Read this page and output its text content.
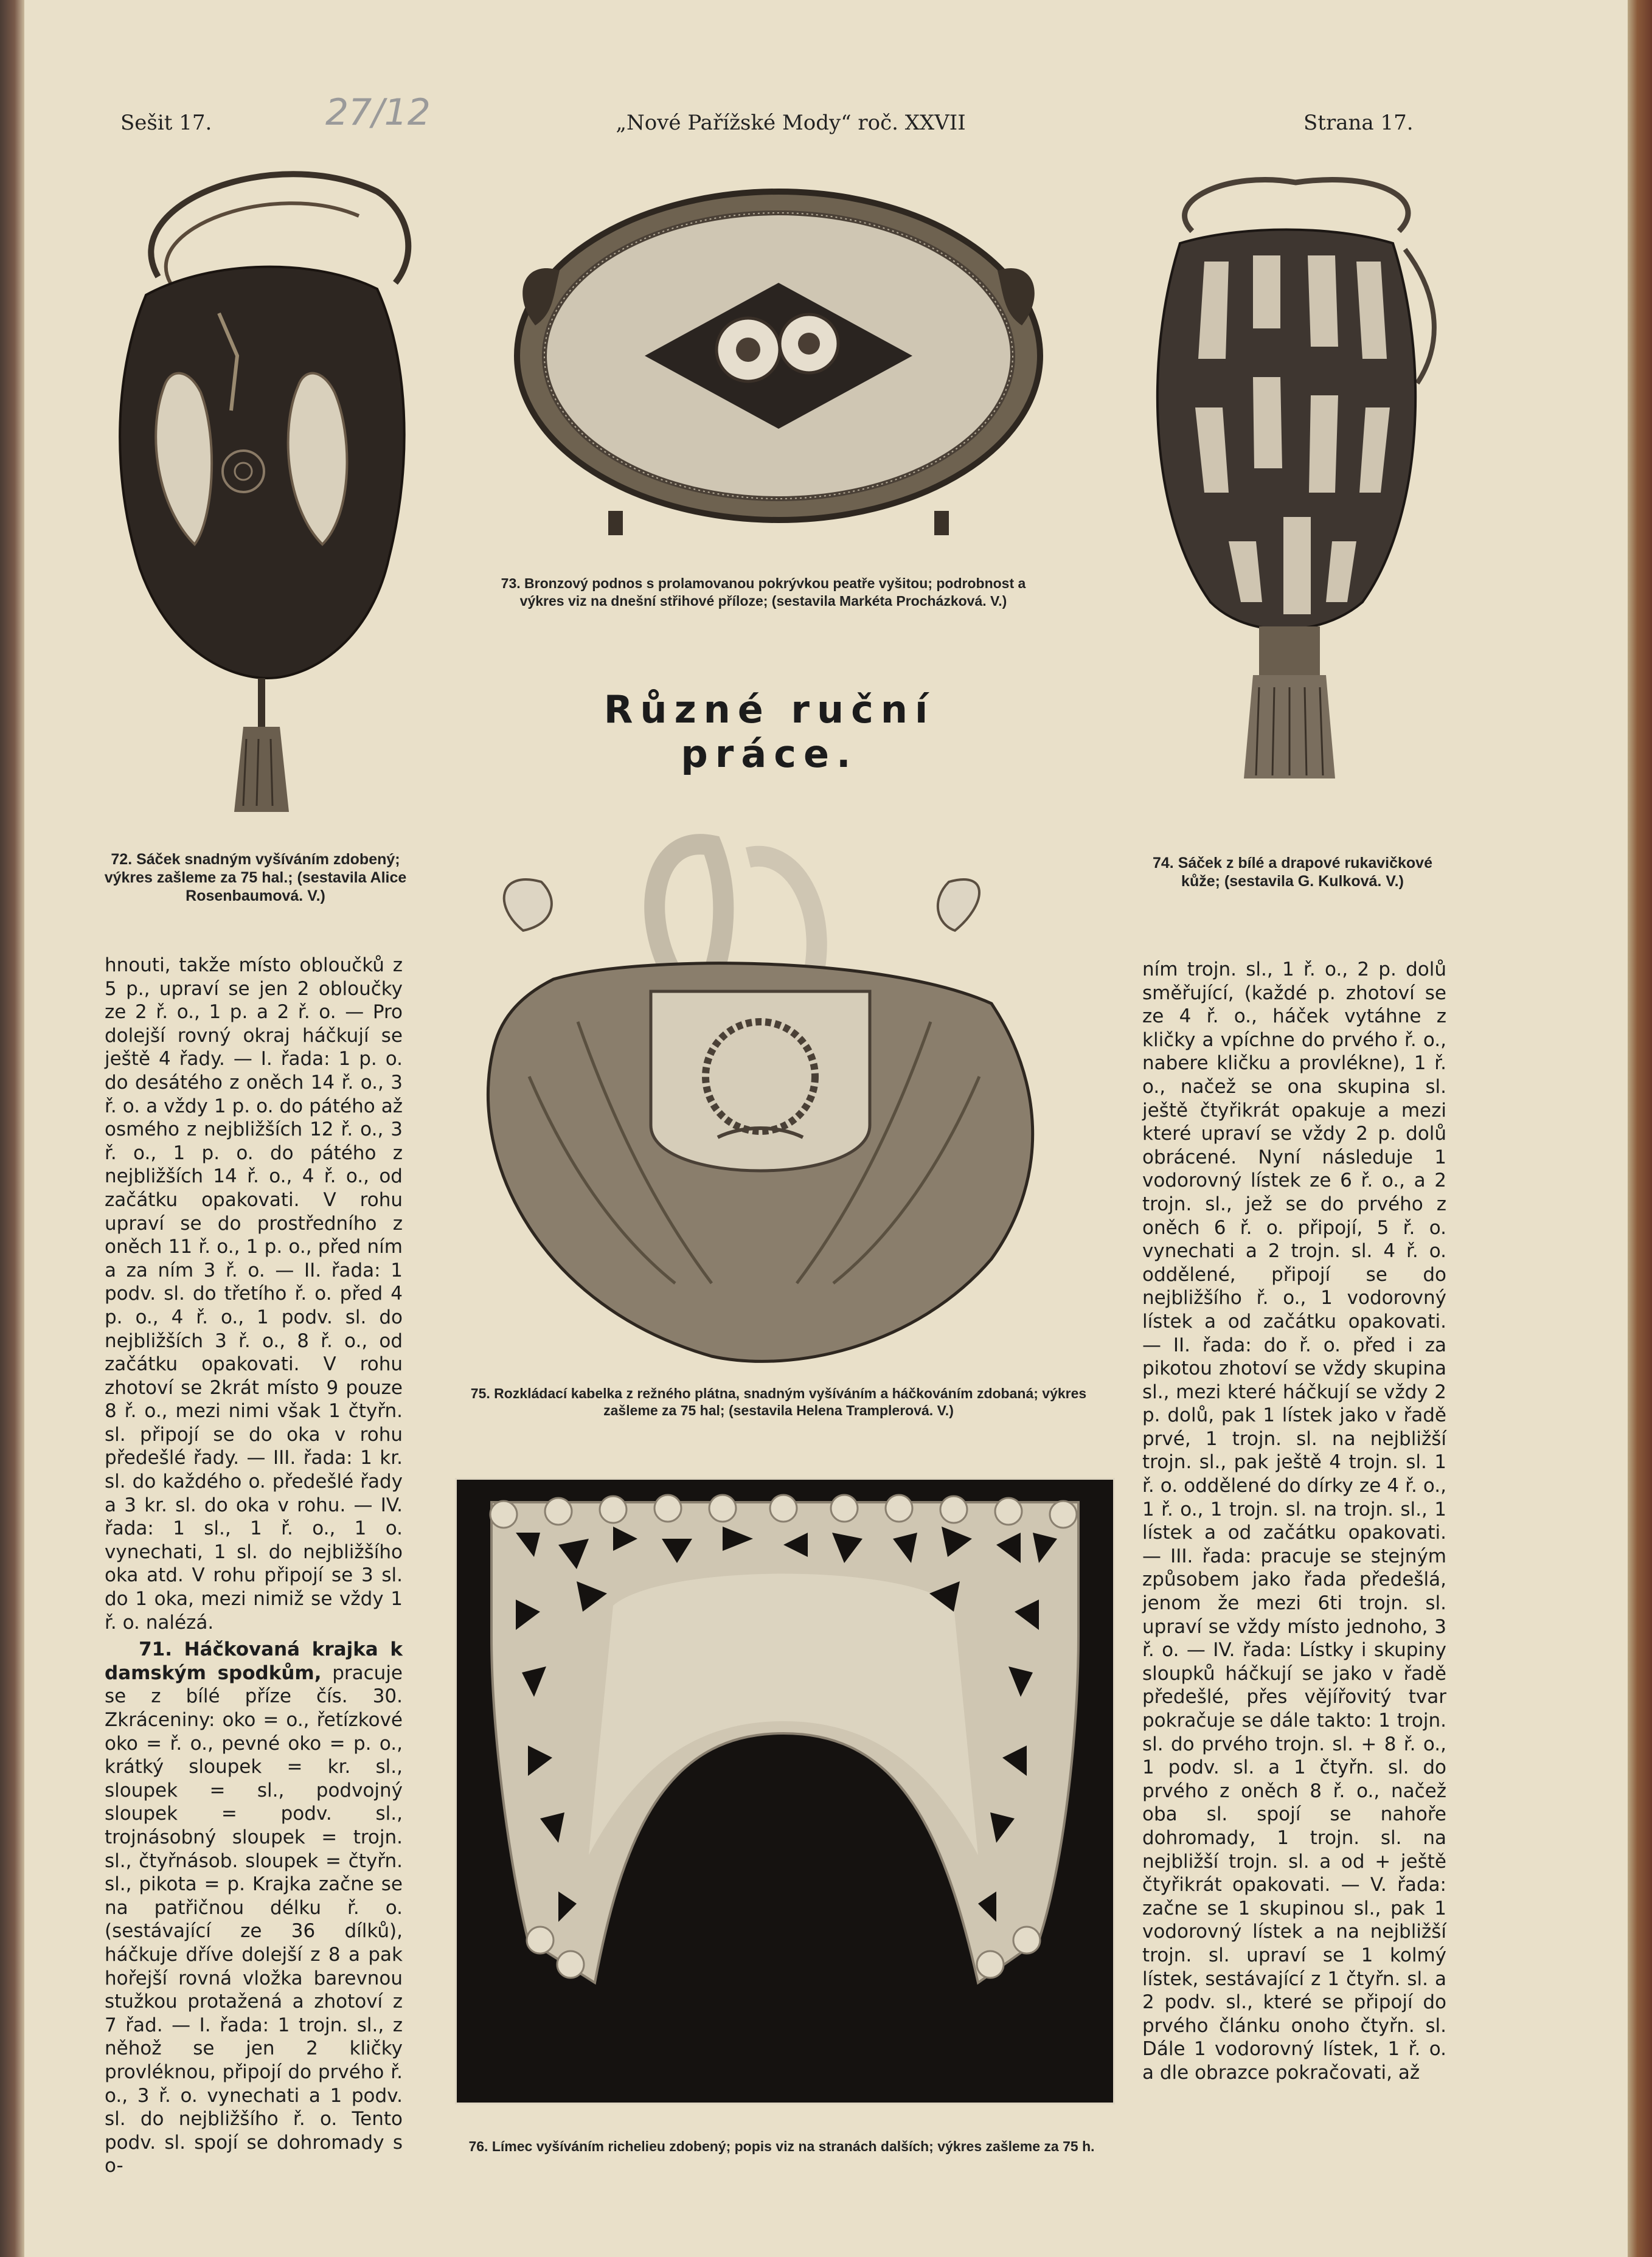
Sešit 17.	„Nové Pařížské Mody“ roč. XXVII	Strana 17.
27/12
72. Sáček snadným vyšíváním zdobený; výkres zašleme za 75 hal.; (sestavila Alice Rosenbaumová. V.)
73. Bronzový podnos s prolamovanou pokrývkou peatře vyšitou; podrobnost a výkres viz na dnešní střihové příloze; (sestavila Markéta Procházková. V.)
Různé ruční práce.
74. Sáček z bílé a drapové rukavičkové kůže; (sestavila G. Kulková. V.)
75. Rozkládací kabelka z režného plátna, snadným vyšíváním a háčkováním zdobaná; výkres zašleme za 75 hal; (sestavila Helena Tramplerová. V.)
76. Límec vyšíváním richelieu zdobený; popis viz na stranách dalších; výkres zašleme za 75 h.
hnouti, takže místo obloučků z 5 p., upraví se jen 2 obloučky ze 2 ř. o., 1 p. a 2 ř. o. — Pro dolejší rovný okraj háčkují se ještě 4 řady. — I. řada: 1 p. o. do desátého z oněch 14 ř. o., 3 ř. o. a vždy 1 p. o. do pátého až osmého z nejbližších 12 ř. o., 3 ř. o., 1 p. o. do pátého z nejbližších 14 ř. o., 4 ř. o., od začátku opakovati. V rohu upraví se do prostředního z oněch 11 ř. o., 1 p. o., před ním a za ním 3 ř. o. — II. řada: 1 podv. sl. do třetího ř. o. před 4 p. o., 4 ř. o., 1 podv. sl. do nejbližších 3 ř. o., 8 ř. o., od začátku opakovati. V rohu zhotoví se 2krát místo 9 pouze 8 ř. o., mezi nimi však 1 čtyřn. sl. připojí se do oka v rohu předešlé řady. — III. řada: 1 kr. sl. do každého o. předešlé řady a 3 kr. sl. do oka v rohu. — IV. řada: 1 sl., 1 ř. o., 1 o. vynechati, 1 sl. do nejbližšího oka atd. V rohu připojí se 3 sl. do 1 oka, mezi nimiž se vždy 1 ř. o. nalézá.
71. Háčkovaná krajka k damským spodkům, pracuje se z bílé příze čís. 30. Zkráceniny: oko = o., řetízkové oko = ř. o., pevné oko = p. o., krátký sloupek = kr. sl., sloupek = sl., podvojný sloupek = podv. sl., trojnásobný sloupek = trojn. sl., čtyřnásob. sloupek = čtyřn. sl., pikota = p. Krajka začne se na patřičnou délku ř. o. (sestávající ze 36 dílků), háčkuje dříve dolejší z 8 a pak hořejší rovná vložka barevnou stužkou protažená a zhotoví z 7 řad. — I. řada: 1 trojn. sl., z něhož se jen 2 kličky provléknou, připojí do prvého ř. o., 3 ř. o. vynechati a 1 podv. sl. do nejbližšího ř. o. Tento podv. sl. spojí se dohromady s o-
ním trojn. sl., 1 ř. o., 2 p. dolů směřující, (každé p. zhotoví se ze 4 ř. o., háček vytáhne z kličky a vpíchne do prvého ř. o., nabere kličku a provlékne), 1 ř. o., načež se ona skupina sl. ještě čtyřikrát opakuje a mezi které upraví se vždy 2 p. dolů obrácené. Nyní následuje 1 vodorovný lístek ze 6 ř. o., a 2 trojn. sl., jež se do prvého z oněch 6 ř. o. připojí, 5 ř. o. vynechati a 2 trojn. sl. 4 ř. o. oddělené, připojí se do nejbližšího ř. o., 1 vodorovný lístek a od začátku opakovati. — II. řada: do ř. o. před i za pikotou zhotoví se vždy skupina sl., mezi které háčkují se vždy 2 p. dolů, pak 1 lístek jako v řadě prvé, 1 trojn. sl. na nejbližší trojn. sl., pak ještě 4 trojn. sl. 1 ř. o. oddělené do dírky ze 4 ř. o., 1 ř. o., 1 trojn. sl. na trojn. sl., 1 lístek a od začátku opakovati. — III. řada: pracuje se stejným způsobem jako řada předešlá, jenom že mezi 6ti trojn. sl. upraví se vždy místo jednoho, 3 ř. o. — IV. řada: Lístky i skupiny sloupků háčkují se jako v řadě předešlé, přes vějířovitý tvar pokračuje se dále takto: 1 trojn. sl. do prvého trojn. sl. + 8 ř. o., 1 podv. sl. a 1 čtyřn. sl. do prvého z oněch 8 ř. o., načež oba sl. spojí se nahoře dohromady, 1 trojn. sl. na nejbližší trojn. sl. a od + ještě čtyřikrát opakovati. — V. řada: začne se 1 skupinou sl., pak 1 vodorovný lístek a na nejbližší trojn. sl. upraví se 1 kolmý lístek, sestávající z 1 čtyřn. sl. a 2 podv. sl., které se připojí do prvého článku onoho čtyřn. sl. Dále 1 vodorovný lístek, 1 ř. o. a dle obrazce pokračovati, až
